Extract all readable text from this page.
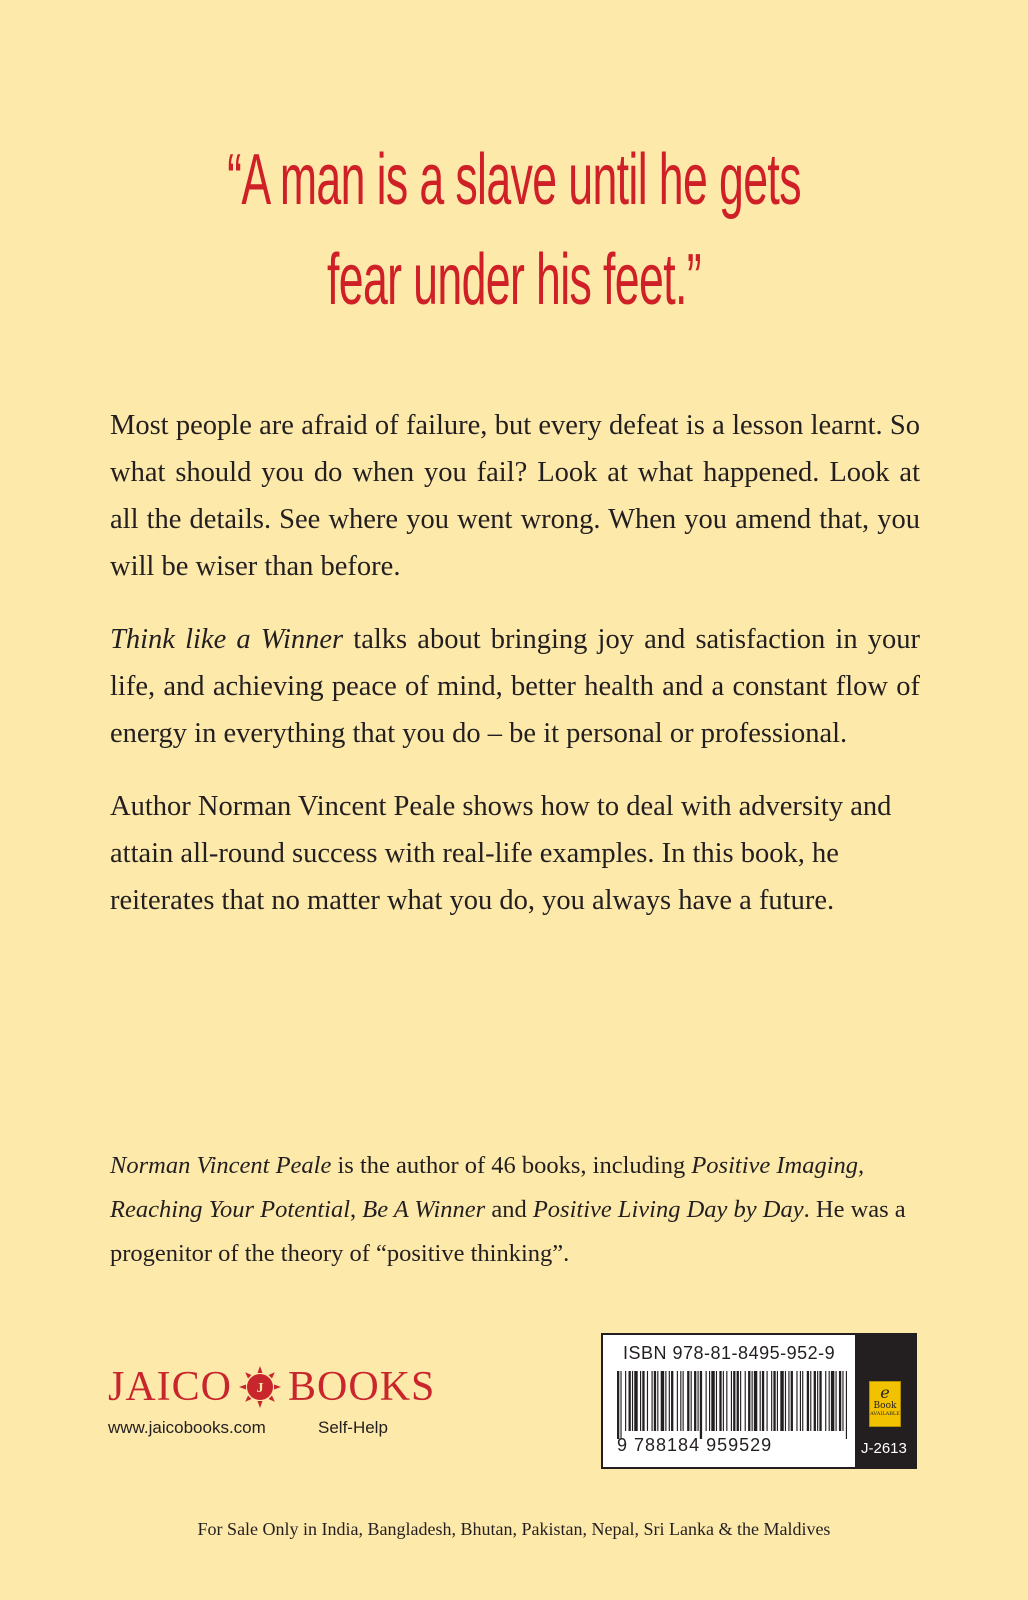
“A man is a slave until he gets
fear under his feet.”

Most people are afraid of failure, but every defeat is a lesson learnt. So what should you do when you fail? Look at what happened. Look at all the details. See where you went wrong. When you amend that, you will be wiser than before.

Think like a Winner talks about bringing joy and satisfaction in your life, and achieving peace of mind, better health and a constant flow of energy in everything that you do – be it personal or professional.

Author Norman Vincent Peale shows how to deal with adversity and attain all-round success with real-life examples. In this book, he reiterates that no matter what you do, you always have a future.

Norman Vincent Peale is the author of 46 books, including Positive Imaging, Reaching Your Potential, Be A Winner and Positive Living Day by Day. He was a progenitor of the theory of “positive thinking”.

JAICO J BOOKS
www.jaicobooks.com	Self-Help
ISBN 978-81-8495-952-9
9 788184 959529
e
Book
AVAILABLE
J-2613
For Sale Only in India, Bangladesh, Bhutan, Pakistan, Nepal, Sri Lanka & the Maldives
